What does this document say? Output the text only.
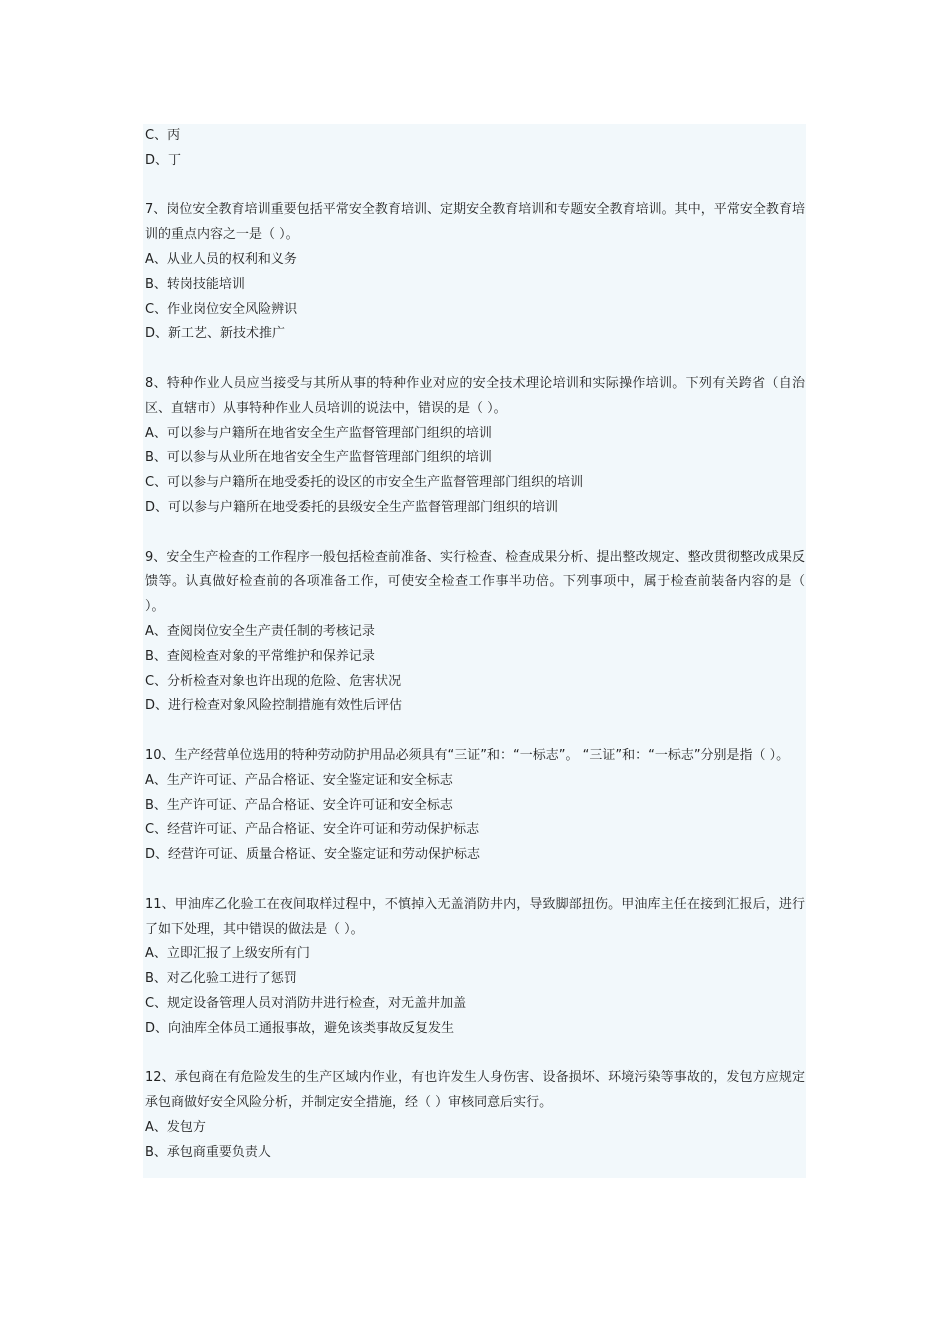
C、丙
D、丁
7、岗位安全教育培训重要包括平常安全教育培训、定期安全教育培训和专题安全教育培训。其中，平常安全教育培训的重点内容之一是（ ）。
A、从业人员的权利和义务
B、转岗技能培训
C、作业岗位安全风险辨识
D、新工艺、新技术推广
8、特种作业人员应当接受与其所从事的特种作业对应的安全技术理论培训和实际操作培训。下列有关跨省（自治区、直辖市）从事特种作业人员培训的说法中，错误的是（ ）。
A、可以参与户籍所在地省安全生产监督管理部门组织的培训
B、可以参与从业所在地省安全生产监督管理部门组织的培训
C、可以参与户籍所在地受委托的设区的市安全生产监督管理部门组织的培训
D、可以参与户籍所在地受委托的县级安全生产监督管理部门组织的培训
9、安全生产检查的工作程序一般包括检查前准备、实行检查、检查成果分析、提出整改规定、整改贯彻整改成果反馈等。认真做好检查前的各项准备工作，可使安全检查工作事半功倍。下列事项中，属于检查前装备内容的是（ ）。
A、查阅岗位安全生产责任制的考核记录
B、查阅检查对象的平常维护和保养记录
C、分析检查对象也许出现的危险、危害状况
D、进行检查对象风险控制措施有效性后评估
10、生产经营单位选用的特种劳动防护用品必须具有“三证”和：“一标志”。 “三证”和：“一标志”分别是指（ ）。
A、生产许可证、产品合格证、安全鉴定证和安全标志
B、生产许可证、产品合格证、安全许可证和安全标志
C、经营许可证、产品合格证、安全许可证和劳动保护标志
D、经营许可证、质量合格证、安全鉴定证和劳动保护标志
11、甲油库乙化验工在夜间取样过程中，不慎掉入无盖消防井内，导致脚部扭伤。甲油库主任在接到汇报后，进行了如下处理，其中错误的做法是（ ）。
A、立即汇报了上级安所有门
B、对乙化验工进行了惩罚
C、规定设备管理人员对消防井进行检查，对无盖井加盖
D、向油库全体员工通报事故，避免该类事故反复发生
12、承包商在有危险发生的生产区域内作业，有也许发生人身伤害、设备损坏、环境污染等事故的，发包方应规定承包商做好安全风险分析，并制定安全措施，经（ ）审核同意后实行。
A、发包方
B、承包商重要负责人
